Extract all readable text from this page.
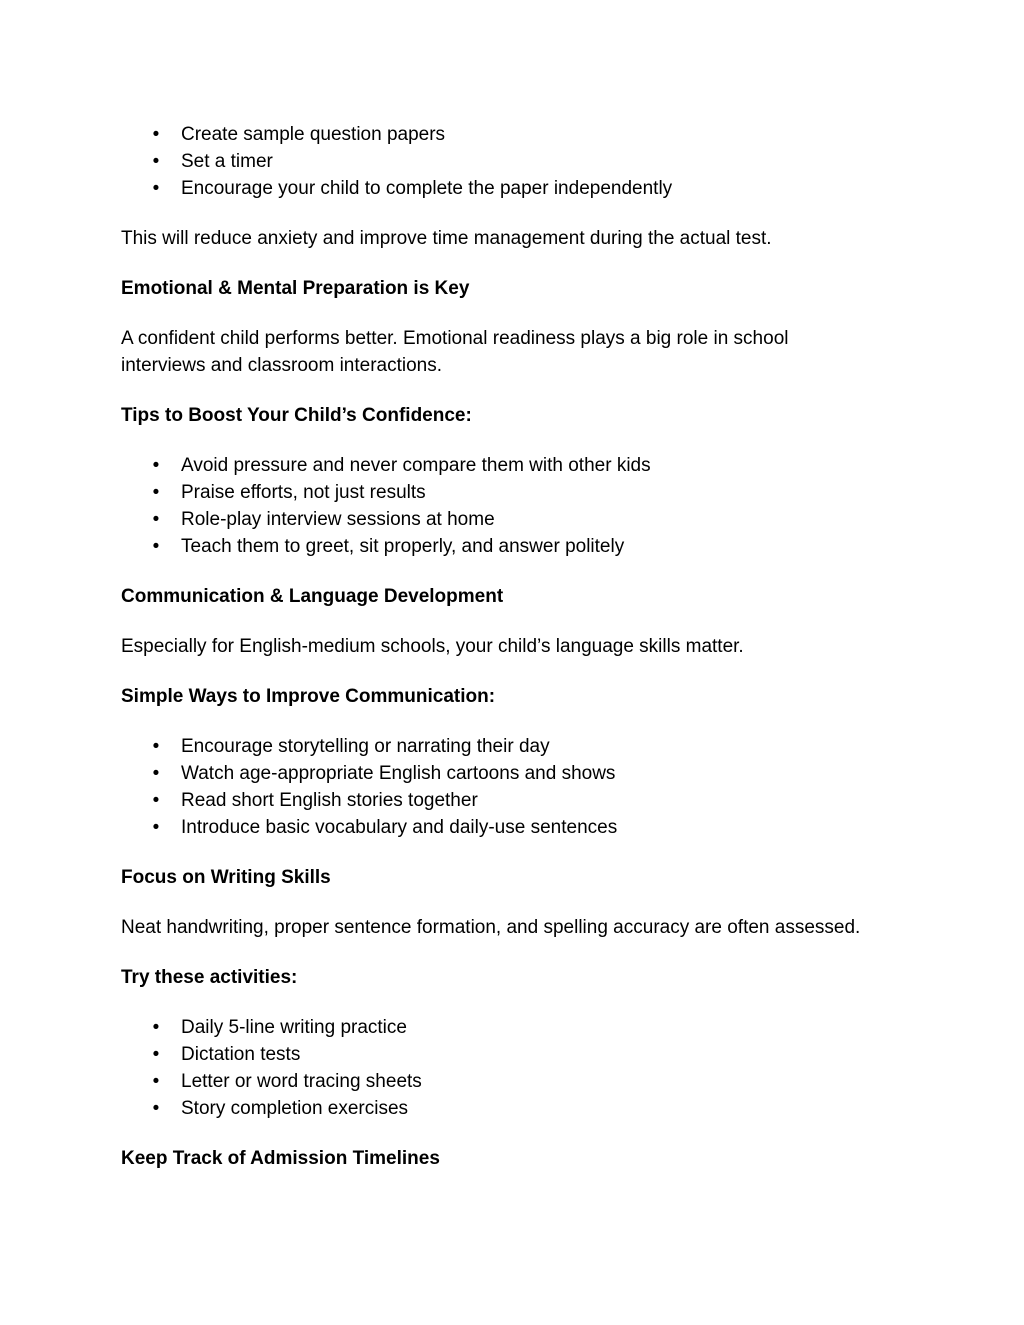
• Create sample question papers
• Set a timer
• Encourage your child to complete the paper independently

This will reduce anxiety and improve time management during the actual test.

Emotional & Mental Preparation is Key

A confident child performs better. Emotional readiness plays a big role in school
interviews and classroom interactions.

Tips to Boost Your Child’s Confidence:

• Avoid pressure and never compare them with other kids
• Praise efforts, not just results
• Role-play interview sessions at home
• Teach them to greet, sit properly, and answer politely

Communication & Language Development

Especially for English-medium schools, your child’s language skills matter.

Simple Ways to Improve Communication:

• Encourage storytelling or narrating their day
• Watch age-appropriate English cartoons and shows
• Read short English stories together
• Introduce basic vocabulary and daily-use sentences

Focus on Writing Skills

Neat handwriting, proper sentence formation, and spelling accuracy are often assessed.

Try these activities:

• Daily 5-line writing practice
• Dictation tests
• Letter or word tracing sheets
• Story completion exercises

Keep Track of Admission Timelines
